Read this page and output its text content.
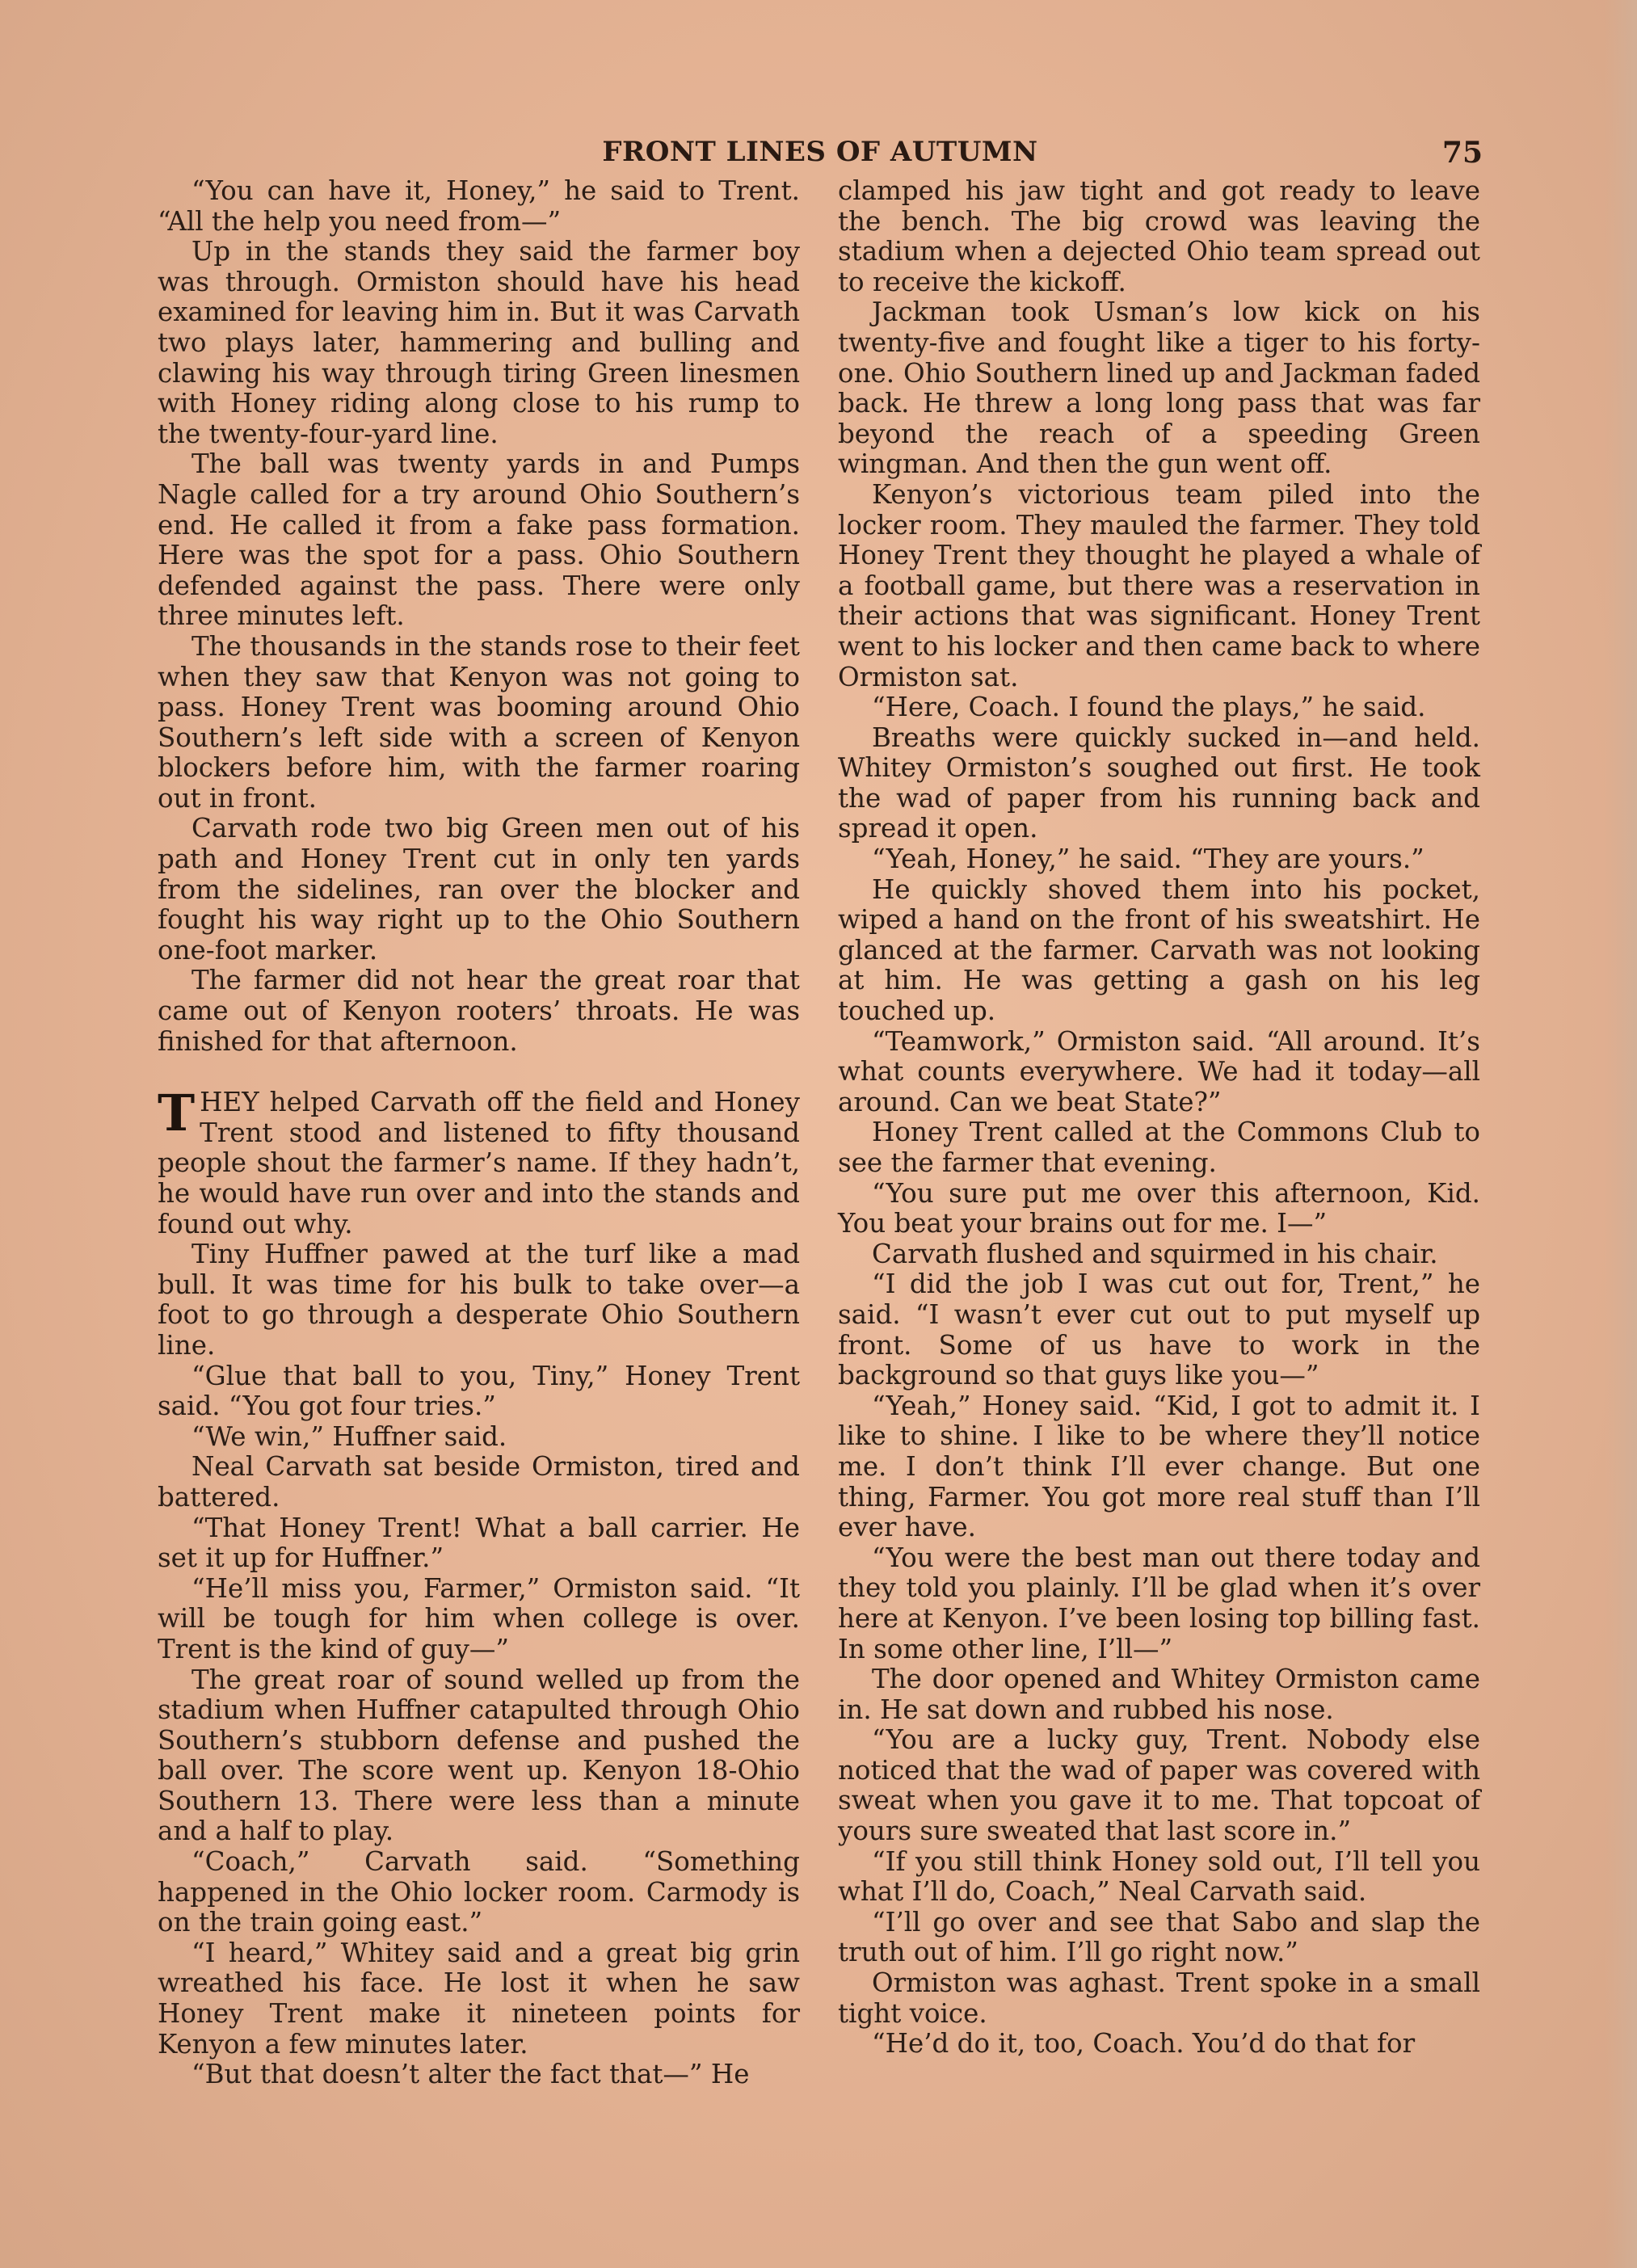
FRONT LINES OF AUTUMN	75

“You can have it, Honey,” he said to Trent. “All the help you need from—”

Up in the stands they said the farmer boy was through. Ormiston should have his head examined for leaving him in. But it was Carvath two plays later, hammering and bulling and clawing his way through tiring Green linesmen with Honey riding along close to his rump to the twenty-four-yard line.

The ball was twenty yards in and Pumps Nagle called for a try around Ohio Southern’s end. He called it from a fake pass formation. Here was the spot for a pass. Ohio Southern defended against the pass. There were only three minutes left.

The thousands in the stands rose to their feet when they saw that Kenyon was not going to pass. Honey Trent was booming around Ohio Southern’s left side with a screen of Kenyon blockers before him, with the farmer roaring out in front.

Carvath rode two big Green men out of his path and Honey Trent cut in only ten yards from the sidelines, ran over the blocker and fought his way right up to the Ohio Southern one-foot marker.

The farmer did not hear the great roar that came out of Kenyon rooters’ throats. He was finished for that afternoon.

THEY helped Carvath off the field and Honey Trent stood and listened to fifty thousand people shout the farmer’s name. If they hadn’t, he would have run over and into the stands and found out why.

Tiny Huffner pawed at the turf like a mad bull. It was time for his bulk to take over—a foot to go through a desperate Ohio Southern line.

“Glue that ball to you, Tiny,” Honey Trent said. “You got four tries.”

“We win,” Huffner said.

Neal Carvath sat beside Ormiston, tired and battered.

“That Honey Trent! What a ball carrier. He set it up for Huffner.”

“He’ll miss you, Farmer,” Ormiston said. “It will be tough for him when college is over. Trent is the kind of guy—”

The great roar of sound welled up from the stadium when Huffner catapulted through Ohio Southern’s stubborn defense and pushed the ball over. The score went up. Kenyon 18-Ohio Southern 13. There were less than a minute and a half to play.

“Coach,” Carvath said. “Something happened in the Ohio locker room. Carmody is on the train going east.”

“I heard,” Whitey said and a great big grin wreathed his face. He lost it when he saw Honey Trent make it nineteen points for Kenyon a few minutes later.

“But that doesn’t alter the fact that—” He

clamped his jaw tight and got ready to leave the bench. The big crowd was leaving the stadium when a dejected Ohio team spread out to receive the kickoff.

Jackman took Usman’s low kick on his twenty-five and fought like a tiger to his forty-one. Ohio Southern lined up and Jackman faded back. He threw a long long pass that was far beyond the reach of a speeding Green wingman. And then the gun went off.

Kenyon’s victorious team piled into the locker room. They mauled the farmer. They told Honey Trent they thought he played a whale of a football game, but there was a reservation in their actions that was significant. Honey Trent went to his locker and then came back to where Ormiston sat.

“Here, Coach. I found the plays,” he said.

Breaths were quickly sucked in—and held. Whitey Ormiston’s soughed out first. He took the wad of paper from his running back and spread it open.

“Yeah, Honey,” he said. “They are yours.”

He quickly shoved them into his pocket, wiped a hand on the front of his sweatshirt. He glanced at the farmer. Carvath was not looking at him. He was getting a gash on his leg touched up.

“Teamwork,” Ormiston said. “All around. It’s what counts everywhere. We had it today—all around. Can we beat State?”

Honey Trent called at the Commons Club to see the farmer that evening.

“You sure put me over this afternoon, Kid. You beat your brains out for me. I—”

Carvath flushed and squirmed in his chair.

“I did the job I was cut out for, Trent,” he said. “I wasn’t ever cut out to put myself up front. Some of us have to work in the background so that guys like you—”

“Yeah,” Honey said. “Kid, I got to admit it. I like to shine. I like to be where they’ll notice me. I don’t think I’ll ever change. But one thing, Farmer. You got more real stuff than I’ll ever have.

“You were the best man out there today and they told you plainly. I’ll be glad when it’s over here at Kenyon. I’ve been losing top billing fast. In some other line, I’ll—”

The door opened and Whitey Ormiston came in. He sat down and rubbed his nose.

“You are a lucky guy, Trent. Nobody else noticed that the wad of paper was covered with sweat when you gave it to me. That topcoat of yours sure sweated that last score in.”

“If you still think Honey sold out, I’ll tell you what I’ll do, Coach,” Neal Carvath said.

“I’ll go over and see that Sabo and slap the truth out of him. I’ll go right now.”

Ormiston was aghast. Trent spoke in a small tight voice.

“He’d do it, too, Coach. You’d do that for
